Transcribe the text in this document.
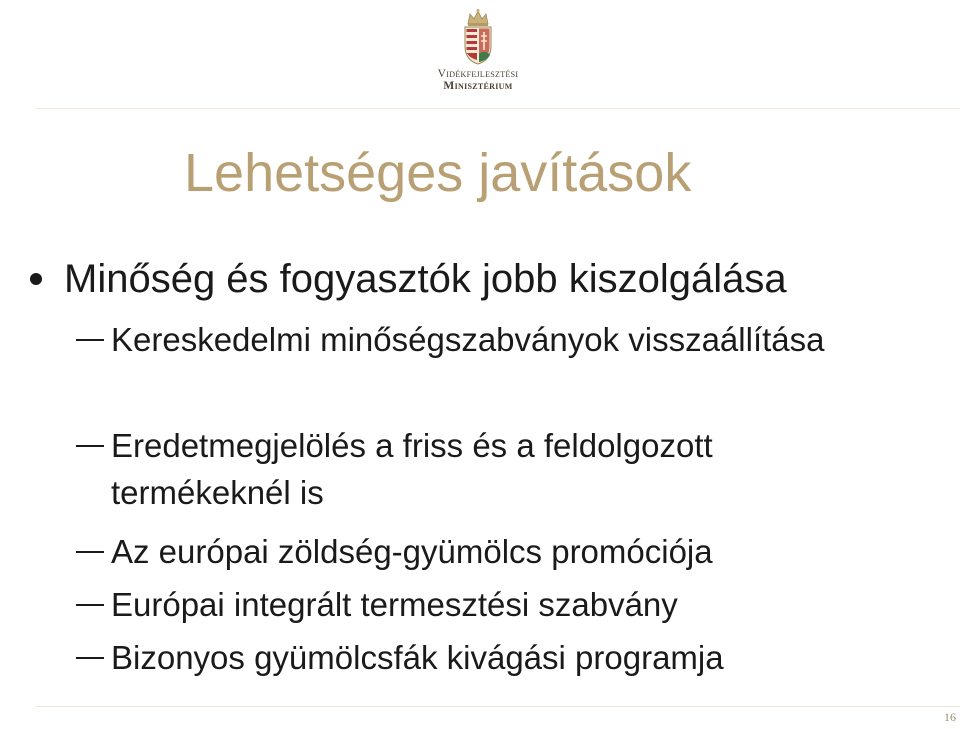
Vidékfejlesztési
Minisztérium
Lehetséges javítások
Minőség és fogyasztók jobb kiszolgálása
Kereskedelmi minőségszabványok visszaállítása
Eredetmegjelölés a friss és a feldolgozott termékeknél is
Az európai zöldség-gyümölcs promóciója
Európai integrált termesztési szabvány
Bizonyos gyümölcsfák kivágási programja
16
